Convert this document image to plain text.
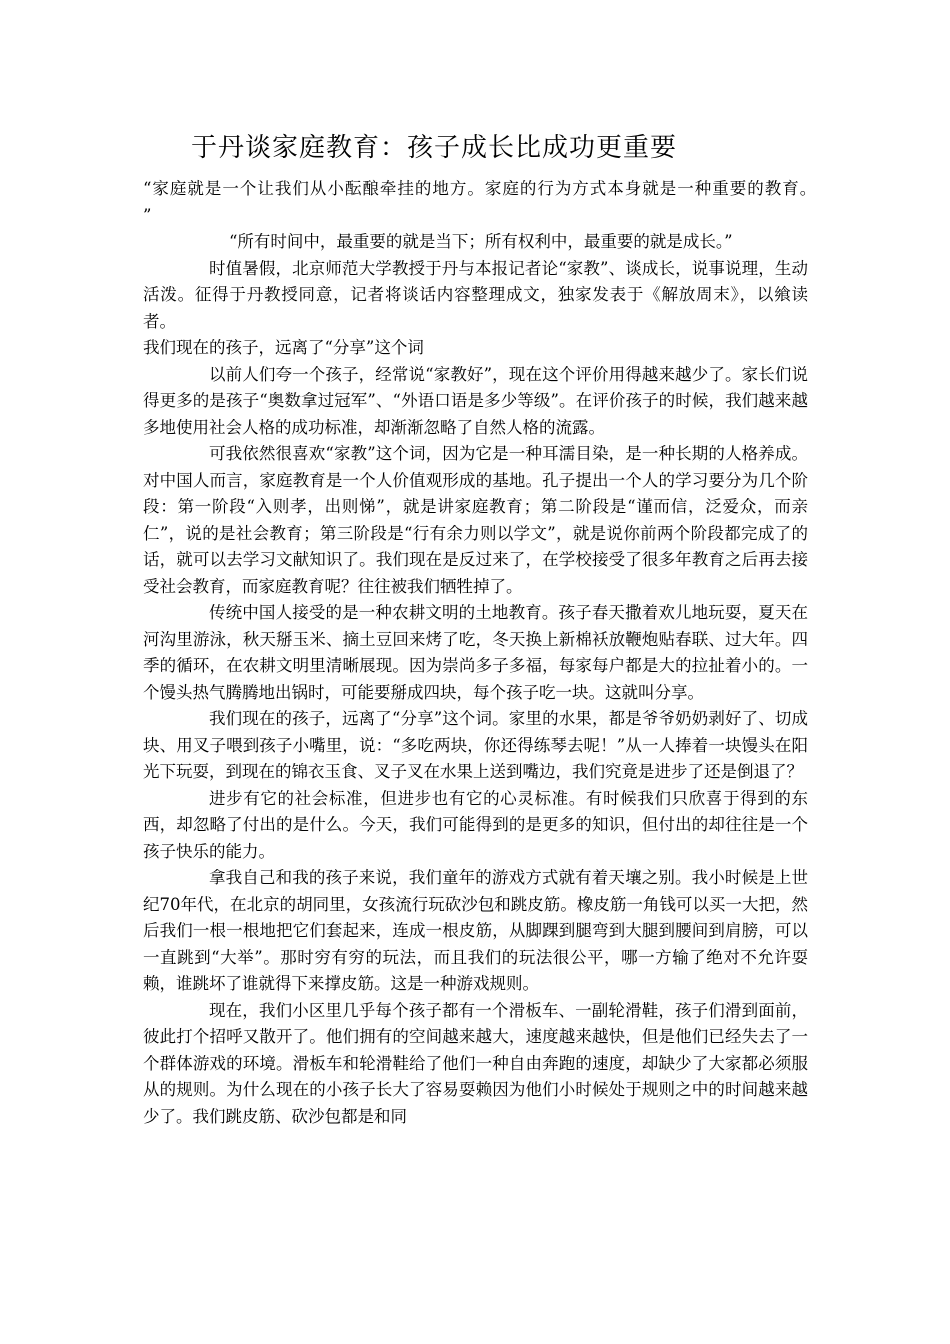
于丹谈家庭教育：孩子成长比成功更重要

“家庭就是一个让我们从小酝酿牵挂的地方。家庭的行为方式本身就是一种重要的教育。　　”

“所有时间中，最重要的就是当下；所有权利中，最重要的就是成长。”

时值暑假，北京师范大学教授于丹与本报记者论“家教”、谈成长，说事说理，生动活泼。征得于丹教授同意，记者将谈话内容整理成文，独家发表于《解放周末》，以飨读者。

我们现在的孩子，远离了“分享”这个词

以前人们夸一个孩子，经常说“家教好”，现在这个评价用得越来越少了。家长们说得更多的是孩子“奥数拿过冠军”、“外语口语是多少等级”。在评价孩子的时候，我们越来越多地使用社会人格的成功标准，却渐渐忽略了自然人格的流露。

可我依然很喜欢“家教”这个词，因为它是一种耳濡目染，是一种长期的人格养成。对中国人而言，家庭教育是一个人价值观形成的基地。孔子提出一个人的学习要分为几个阶段：第一阶段“入则孝，出则悌”，就是讲家庭教育；第二阶段是“谨而信，泛爱众，而亲仁”，说的是社会教育；第三阶段是“行有余力则以学文”，就是说你前两个阶段都完成了的话，就可以去学习文献知识了。我们现在是反过来了，在学校接受了很多年教育之后再去接受社会教育，而家庭教育呢？往往被我们牺牲掉了。

传统中国人接受的是一种农耕文明的土地教育。孩子春天撒着欢儿地玩耍，夏天在河沟里游泳，秋天掰玉米、摘土豆回来烤了吃，冬天换上新棉袄放鞭炮贴春联、过大年。四季的循环，在农耕文明里清晰展现。因为崇尚多子多福，每家每户都是大的拉扯着小的。一个馒头热气腾腾地出锅时，可能要掰成四块，每个孩子吃一块。这就叫分享。

我们现在的孩子，远离了“分享”这个词。家里的水果，都是爷爷奶奶剥好了、切成块、用叉子喂到孩子小嘴里，说：“多吃两块，你还得练琴去呢！”从一人捧着一块馒头在阳光下玩耍，到现在的锦衣玉食、叉子叉在水果上送到嘴边，我们究竟是进步了还是倒退了？

进步有它的社会标准，但进步也有它的心灵标准。有时候我们只欣喜于得到的东西，却忽略了付出的是什么。今天，我们可能得到的是更多的知识，但付出的却往往是一个孩子快乐的能力。

拿我自己和我的孩子来说，我们童年的游戏方式就有着天壤之别。我小时候是上世纪70年代，在北京的胡同里，女孩流行玩砍沙包和跳皮筋。橡皮筋一角钱可以买一大把，然后我们一根一根地把它们套起来，连成一根皮筋，从脚踝到腿弯到大腿到腰间到肩膀，可以一直跳到“大举”。那时穷有穷的玩法，而且我们的玩法很公平，哪一方输了绝对不允许耍赖，谁跳坏了谁就得下来撑皮筋。这是一种游戏规则。

现在，我们小区里几乎每个孩子都有一个滑板车、一副轮滑鞋，孩子们滑到面前，彼此打个招呼又散开了。他们拥有的空间越来越大，速度越来越快，但是他们已经失去了一个群体游戏的环境。滑板车和轮滑鞋给了他们一种自由奔跑的速度，却缺少了大家都必须服从的规则。为什么现在的小孩子长大了容易耍赖因为他们小时候处于规则之中的时间越来越少了。我们跳皮筋、砍沙包都是和同
